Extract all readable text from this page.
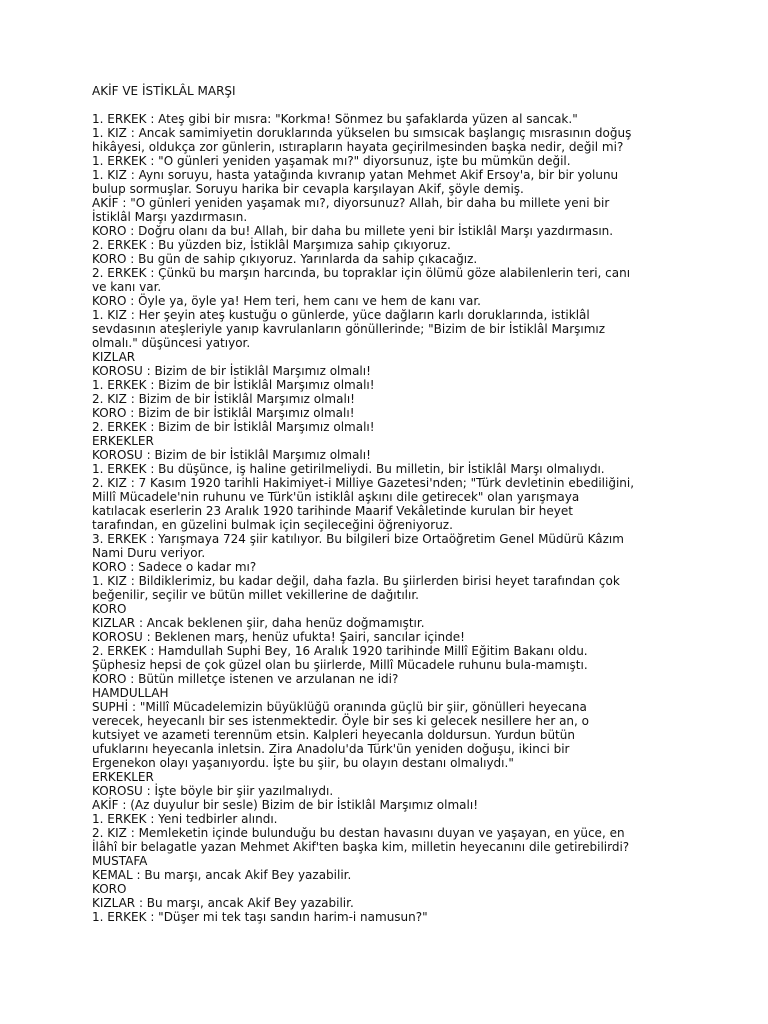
AKİF VE İSTİKLÂL MARŞI
1. ERKEK : Ateş gibi bir mısra: "Korkma! Sönmez bu şafaklarda yüzen al sancak."
1. KIZ : Ancak samimiyetin doruklarında yükselen bu sımsıcak başlangıç mısrasının doğuş
hikâyesi, oldukça zor günlerin, ıstırapların hayata geçirilmesinden başka nedir, değil mi?
1. ERKEK : "O günleri yeniden yaşamak mı?" diyorsunuz, işte bu mümkün değil.
1. KIZ : Aynı soruyu, hasta yatağında kıvranıp yatan Mehmet Akif Ersoy'a, bir bir yolunu
bulup sormuşlar. Soruyu harika bir cevapla karşılayan Akif, şöyle demiş.
AKİF : "O günleri yeniden yaşamak mı?, diyorsunuz? Allah, bir daha bu millete yeni bir
İstiklâl Marşı yazdırmasın.
KORO : Doğru olanı da bu! Allah, bir daha bu millete yeni bir İstiklâl Marşı yazdırmasın.
2. ERKEK : Bu yüzden biz, İstiklâl Marşımıza sahip çıkıyoruz.
KORO : Bu gün de sahip çıkıyoruz. Yarınlarda da sahip çıkacağız.
2. ERKEK : Çünkü bu marşın harcında, bu topraklar için ölümü göze alabilenlerin teri, canı
ve kanı var.
KORO : Öyle ya, öyle ya! Hem teri, hem canı ve hem de kanı var.
1. KIZ : Her şeyin ateş kustuğu o günlerde, yüce dağların karlı doruklarında, istiklâl
sevdasının ateşleriyle yanıp kavrulanların gönüllerinde; "Bizim de bir İstiklâl Marşımız
olmalı." düşüncesi yatıyor.
KIZLAR
KOROSU : Bizim de bir İstiklâl Marşımız olmalı!
1. ERKEK : Bizim de bir İstiklâl Marşımız olmalı!
2. KIZ : Bizim de bir İstiklâl Marşımız olmalı!
KORO : Bizim de bir İstiklâl Marşımız olmalı!
2. ERKEK : Bizim de bir İstiklâl Marşımız olmalı!
ERKEKLER
KOROSU : Bizim de bir İstiklâl Marşımız olmalı!
1. ERKEK : Bu düşünce, iş haline getirilmeliydi. Bu milletin, bir İstiklâl Marşı olmalıydı.
2. KIZ : 7 Kasım 1920 tarihli Hakimiyet-i Milliye Gazetesi'nden; "Türk devletinin ebediliğini,
Millî Mücadele'nin ruhunu ve Türk'ün istiklâl aşkını dile getirecek" olan yarışmaya
katılacak eserlerin 23 Aralık 1920 tarihinde Maarif Vekâletinde kurulan bir heyet
tarafından, en güzelini bulmak için seçileceğini öğreniyoruz.
3. ERKEK : Yarışmaya 724 şiir katılıyor. Bu bilgileri bize Ortaöğretim Genel Müdürü Kâzım
Nami Duru veriyor.
KORO : Sadece o kadar mı?
1. KIZ : Bildiklerimiz, bu kadar değil, daha fazla. Bu şiirlerden birisi heyet tarafından çok
beğenilir, seçilir ve bütün millet vekillerine de dağıtılır.
KORO
KIZLAR : Ancak beklenen şiir, daha henüz doğmamıştır.
KOROSU : Beklenen marş, henüz ufukta! Şairi, sancılar içinde!
2. ERKEK : Hamdullah Suphi Bey, 16 Aralık 1920 tarihinde Millî Eğitim Bakanı oldu.
Şüphesiz hepsi de çok güzel olan bu şiirlerde, Millî Mücadele ruhunu bula-mamıştı.
KORO : Bütün milletçe istenen ve arzulanan ne idi?
HAMDULLAH
SUPHİ : "Millî Mücadelemizin büyüklüğü oranında güçlü bir şiir, gönülleri heyecana
verecek, heyecanlı bir ses istenmektedir. Öyle bir ses ki gelecek nesillere her an, o
kutsiyet ve azameti terennüm etsin. Kalpleri heyecanla doldursun. Yurdun bütün
ufuklarını heyecanla inletsin. Zira Anadolu'da Türk'ün yeniden doğuşu, ikinci bir
Ergenekon olayı yaşanıyordu. İşte bu şiir, bu olayın destanı olmalıydı."
ERKEKLER
KOROSU : İşte böyle bir şiir yazılmalıydı.
AKİF : (Az duyulur bir sesle) Bizim de bir İstiklâl Marşımız olmalı!
1. ERKEK : Yeni tedbirler alındı.
2. KIZ : Memleketin içinde bulunduğu bu destan havasını duyan ve yaşayan, en yüce, en
İlâhî bir belagatle yazan Mehmet Akif'ten başka kim, milletin heyecanını dile getirebilirdi?
MUSTAFA
KEMAL : Bu marşı, ancak Akif Bey yazabilir.
KORO
KIZLAR : Bu marşı, ancak Akif Bey yazabilir.
1. ERKEK : "Düşer mi tek taşı sandın harim-i namusun?"
